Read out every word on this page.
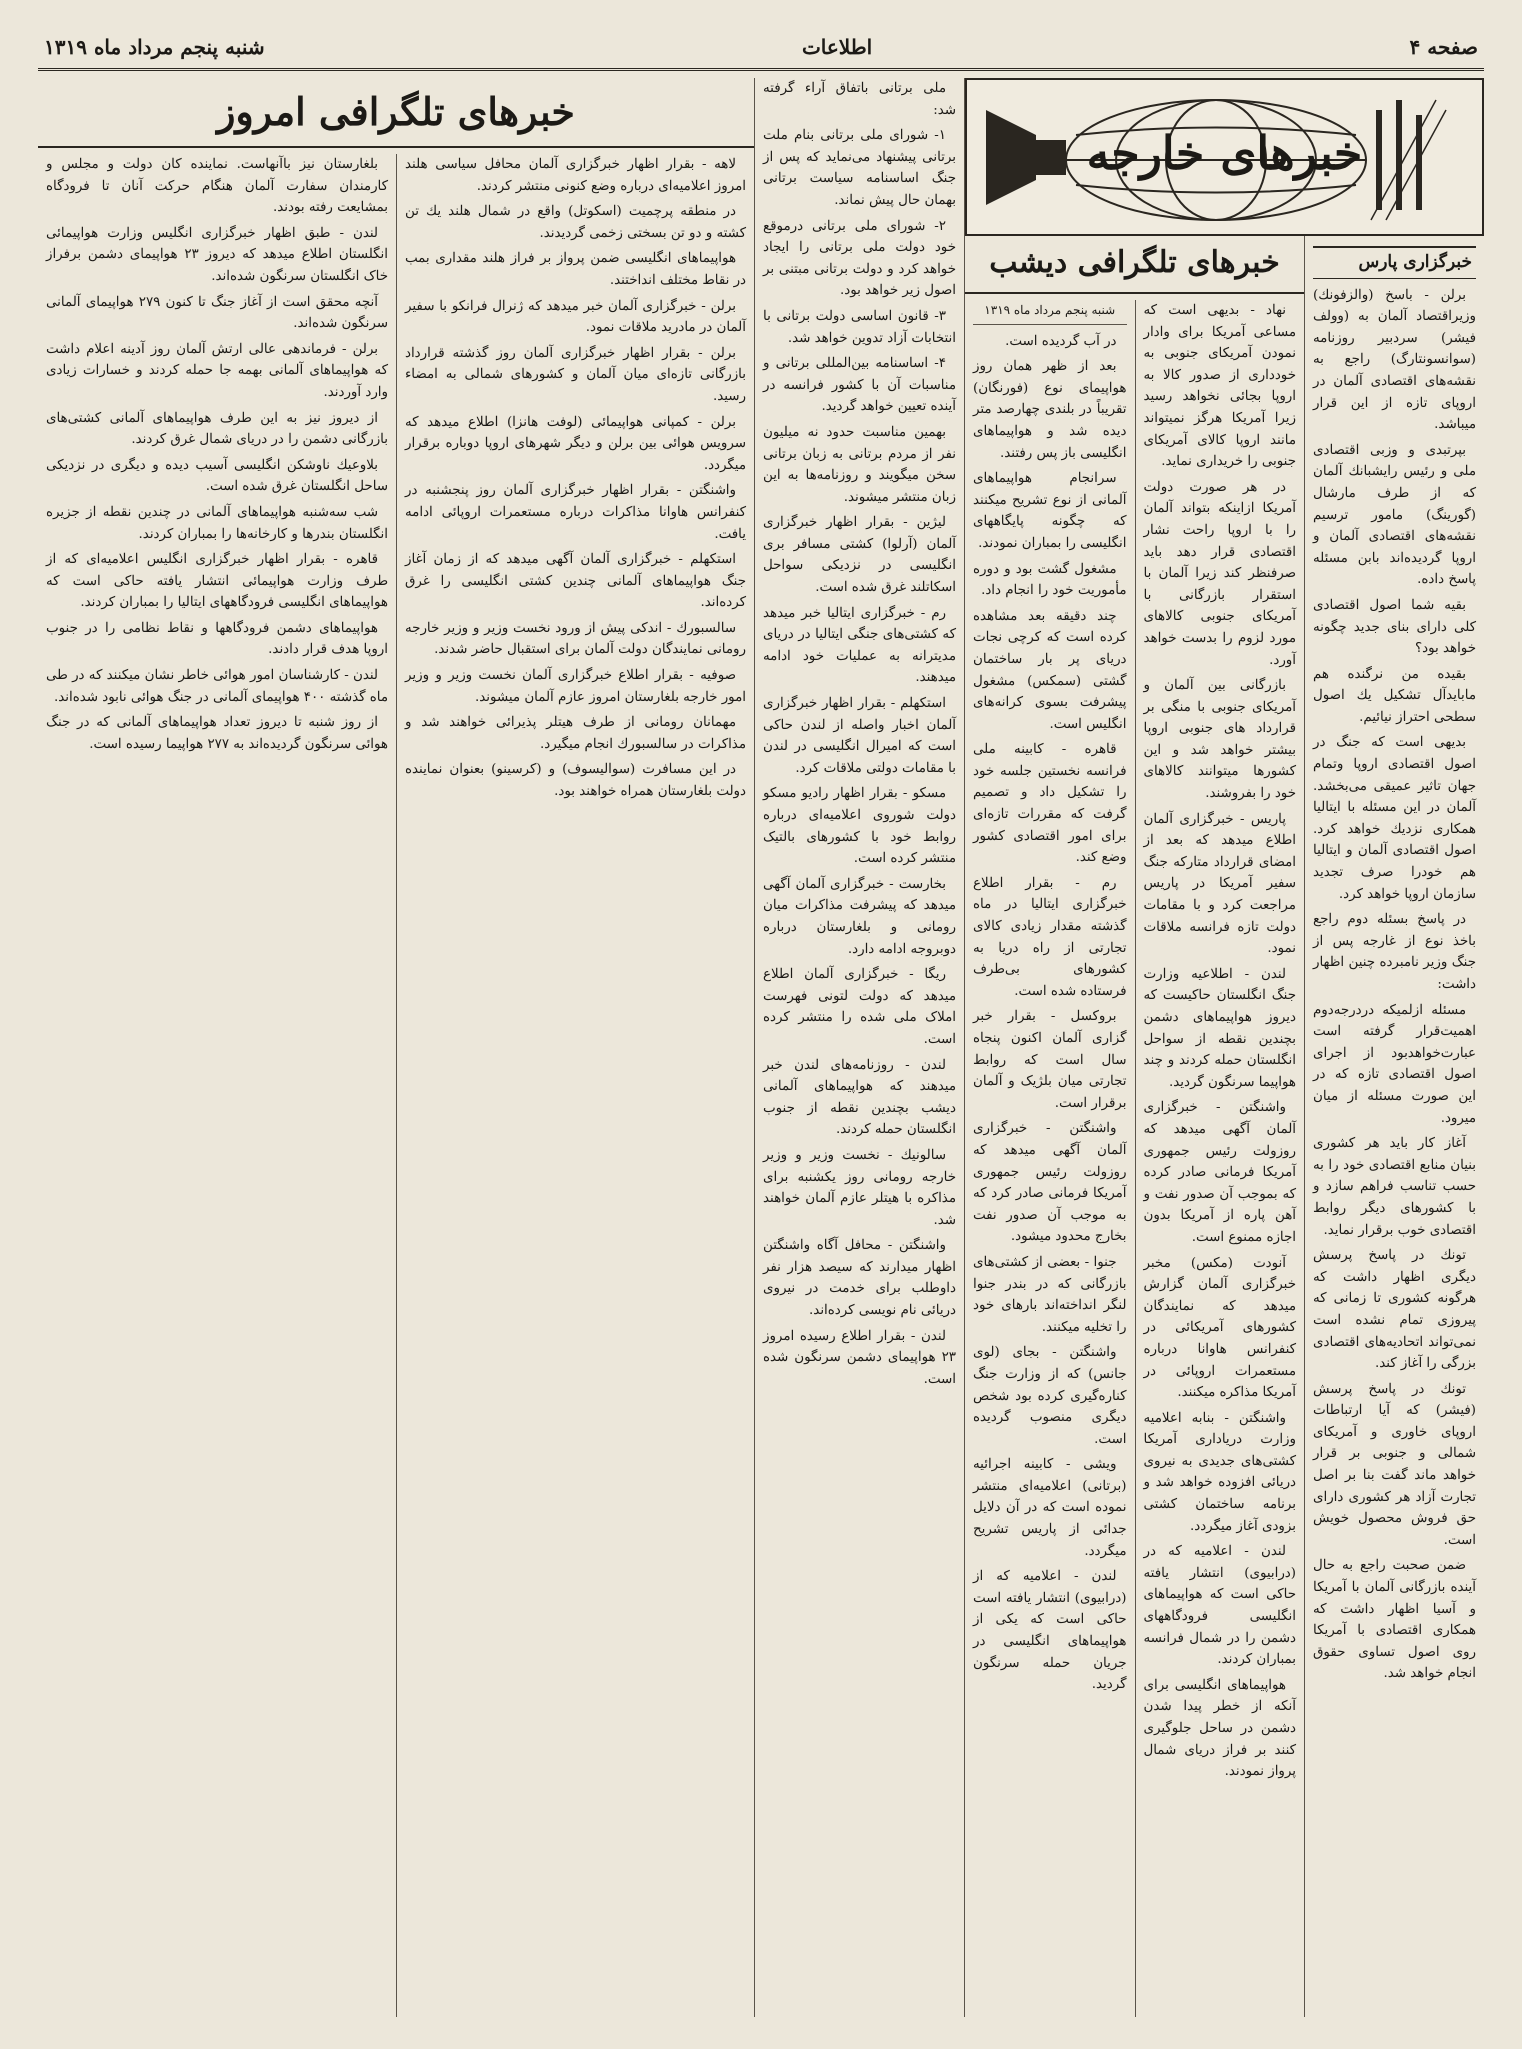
صفحه ۴
اطلاعات
شنبه پنجم مرداد ماه ۱۳۱۹
خبرهای خارجه
خبرگزاری پارس

برلن - باسخ (والزفونك) وزیراقتصاد آلمان به (وولف فیشر) سردبیر روزنامه (سوانسونتارگ) راجع به نقشه‌های اقتصادی آلمان در اروپای تازه از این قرار میباشد.

بپرتبدی و وزبی اقتصادی ملی و رئیس رایشبانك آلمان که از طرف مارشال (گورینگ) مامور ترسیم نقشه‌های اقتصادی آلمان و اروپا گردیده‌اند بابن مسئله پاسخ داده.

بقیه شما اصول اقتصادی کلی دارای بنای جدید چگونه خواهد بود؟

بقیده من نرگنده هم مابایدآل تشکیل یك اصول سطحی احتراز نیائیم.

بدیهی است که جنگ در اصول اقتصادی اروپا وتمام جهان تاثیر عمیقی می‌بخشد. آلمان در این مسئله با ایتالیا همکاری نزدیك خواهد کرد. اصول اقتصادی آلمان و ایتالیا هم خودرا صرف تجدید سازمان اروپا خواهد کرد.

در پاسخ بسئله دوم راجع باخذ نوع از غارجه پس از جنگ وزیر نامبرده چنین اظهار داشت:

مسئله ازلمیکه دردرجه‌دوم اهمیت‌قرار گرفته است عبارت‌خواهدبود از اجرای اصول اقتصادی تازه که در این صورت مسئله از میان میرود.

آغاز کار باید هر کشوری بنیان منابع اقتصادی خود را به حسب تناسب فراهم سازد و با کشورهای دیگر روابط اقتصادی خوب برقرار نماید.

تونك در پاسخ پرسش دیگری اظهار داشت که هرگونه کشوری تا زمانی که پیروزی تمام نشده است نمی‌تواند اتحادیه‌های اقتصادی بزرگی را آغاز کند.

تونك در پاسخ پرسش (فیشر) که آیا ارتباطات اروپای خاوری و آمریکای شمالی و جنوبی بر قرار خواهد ماند گفت بنا بر اصل تجارت آزاد هر کشوری دارای حق فروش محصول خویش است.

ضمن صحبت راجع‌ به حال آینده بازرگانی آلمان با آمریکا و آسیا اظهار داشت که همکاری اقتصادی با آمریکا روی اصول تساوی حقوق انجام خواهد شد.

خبرهای تلگرافی دیشب

نهاد - بدیهی است که مساعی آمریکا برای وادار نمودن آمریکای جنوبی به خودداری از صدور کالا به اروپا بجائی نخواهد رسید زیرا آمریکا هرگز نمیتواند مانند اروپا کالای آمریکای جنوبی را خریداری نماید.

در هر صورت دولت آمریکا ازاینکه بتواند آلمان را با اروپا راحت نشار اقتصادی قرار دهد باید صرفنظر کند زیرا آلمان با استقرار بازرگانی با آمریکای جنوبی کالاهای مورد لزوم را بدست خواهد آورد.

بازرگانی بین آلمان و آمریکای جنوبی با منگی بر قرارداد های جنوبی اروپا بیشتر خواهد شد و این کشورها میتوانند کالاهای خود را بفروشند.

پاریس - خبرگزاری آلمان اطلاع میدهد که بعد از امضای قرارداد متارکه جنگ سفیر آمریکا در پاریس مراجعت کرد و با مقامات دولت تازه فرانسه ملاقات نمود.

لندن - اطلاعیه وزارت جنگ انگلستان حاکیست که دیروز هواپیماهای دشمن بچندین نقطه از سواحل انگلستان حمله کردند و چند هواپیما سرنگون گردید.

واشنگتن - خبرگزاری آلمان آگهی میدهد که روزولت رئیس جمهوری آمریکا فرمانی صادر کرده که بموجب آن صدور نفت و آهن پاره از آمریکا بدون اجازه ممنوع است.

آنودت (مکس) مخبر خبرگزاری آلمان گزارش میدهد که نمایندگان کشورهای آمریکائی در کنفرانس هاوانا درباره مستعمرات اروپائی در آمریکا مذاکره میکنند.

واشنگتن - بنابه اعلامیه وزارت دریاداری آمریکا کشتی‌های جدیدی به نیروی دریائی افزوده خواهد شد و برنامه ساختمان کشتی بزودی آغاز میگردد.

لندن - اعلامیه که در (درابیوی) انتشار یافته حاکی است که هواپیماهای انگلیسی فرودگاههای دشمن را در شمال فرانسه بمباران کردند.

هواپیماهای انگلیسی برای آنکه از خطر پیدا شدن دشمن در ساحل جلوگیری کنند بر فراز دریای شمال پرواز نمودند.

شنبه پنجم مرداد ماه ۱۳۱۹

در آب گردیده است.

بعد از ظهر همان روز هواپیمای نوع (فورنگان) تقریباً در بلندی چهارصد متر دیده شد و هواپیماهای انگلیسی باز پس رفتند.

سرانجام هواپیماهای آلمانی از نوع تشریح میکنند که چگونه پایگاههای انگلیسی را بمباران نمودند.

مشغول گشت بود و دوره مأموریت خود را انجام داد.

چند دقیقه بعد مشاهده کرده است که کرچی نجات دریای پر بار ساختمان گشتی (سمکس) مشغول پیشرفت بسوی کرانه‌های انگلیس است.

قاهره - کابینه ملی فرانسه نخستین جلسه خود را تشکیل داد و تصمیم گرفت که مقررات تازه‌ای برای امور اقتصادی کشور وضع کند.

رم - بقرار اطلاع خبرگزاری ایتالیا در ماه گذشته مقدار زیادی کالای تجارتی از راه دریا به کشورهای بی‌طرف فرستاده شده است.

بروکسل - بقرار خبر گزاری آلمان اکنون پنجاه سال است که روابط تجارتی میان بلژیک و آلمان برقرار است.

واشنگتن - خبرگزاری آلمان آگهی میدهد که روزولت رئیس جمهوری آمریکا فرمانی صادر کرد که به موجب آن صدور نفت بخارج محدود میشود.

جنوا - بعضی از کشتی‌های بازرگانی که در بندر جنوا لنگر انداخته‌اند بارهای خود را تخلیه میکنند.

واشنگتن - بجای (لوی جانس) که از وزارت جنگ کناره‌گیری کرده بود شخص دیگری منصوب گردیده است.

ویشی - کابینه اجرائیه (برتانی) اعلامیه‌ای منتشر نموده است که در آن دلایل جدائی از پاریس تشریح میگردد.

لندن - اعلامیه که از (درابیوی) انتشار یافته است حاکی است که یکی از هواپیماهای انگلیسی در جریان حمله سرنگون گردید.

ملی برتانی باتفاق آراء گرفته شد:

۱- شورای ملی برتانی بنام ملت برتانی پیشنهاد می‌نماید که پس از جنگ اساسنامه سیاست برتانی بهمان حال پیش نماند.

۲- شورای ملی برتانی درموقع خود دولت ملی برتانی را ایجاد خواهد کرد و دولت برتانی مبتنی بر اصول زیر خواهد بود.

۳- قانون اساسی دولت برتانی با انتخابات آزاد تدوین خواهد شد.

۴- اساسنامه بین‌المللی برتانی و مناسبات آن با کشور فرانسه در آینده تعیین خواهد گردید.

بهمین مناسبت حدود نه میلیون نفر از مردم برتانی به زبان برتانی سخن میگویند و روزنامه‌ها به این زبان منتشر میشوند.

لیژین - بقرار اظهار خبرگزاری آلمان (آرلوا) کشتی مسافر بری انگلیسی در نزدیکی سواحل اسکاتلند غرق شده است.

رم - خبرگزاری ایتالیا خبر میدهد که کشتی‌های جنگی ایتالیا در دریای مدیترانه به عملیات خود ادامه میدهند.

استکهلم - بقرار اظهار خبرگزاری آلمان اخبار واصله از لندن حاکی است که امیرال انگلیسی در لندن با مقامات دولتی ملاقات کرد.

مسکو - بقرار اظهار رادیو مسکو دولت شوروی اعلامیه‌ای درباره روابط خود با کشورهای بالتیک منتشر کرده است.

بخارست - خبرگزاری آلمان آگهی میدهد که پیشرفت مذاکرات میان رومانی و بلغارستان درباره دوبروجه ادامه دارد.

ریگا - خبرگزاری آلمان اطلاع میدهد که دولت لتونی فهرست املاک ملی شده را منتشر کرده است.

لندن - روزنامه‌های لندن خبر میدهند که هواپیماهای آلمانی دیشب بچندین نقطه از جنوب انگلستان حمله کردند.

سالونیك - نخست وزیر و وزیر خارجه رومانی روز یکشنبه برای مذاکره با هیتلر عازم آلمان خواهند شد.

واشنگتن - محافل آگاه واشنگتن اظهار میدارند که سیصد هزار نفر داوطلب برای خدمت در نیروی دریائی نام نویسی کرده‌اند.

لندن - بقرار اطلاع رسیده امروز ۲۳ هواپیمای دشمن سرنگون شده است.

خبرهای تلگرافی امروز

لاهه - بقرار اظهار خبرگزاری آلمان محافل سیاسی هلند امروز اعلامیه‌ای درباره وضع کنونی منتشر کردند.

در منطقه پرچمیت (اسکوتل) واقع در شمال هلند یك تن کشته و دو تن بسختی زخمی گردیدند.

هواپیماهای انگلیسی ضمن پرواز بر فراز هلند مقداری بمب در نقاط مختلف انداختند.

برلن - خبرگزاری آلمان خبر میدهد که ژنرال فرانکو با سفیر آلمان در مادرید ملاقات نمود.

برلن - بقرار اظهار خبرگزاری آلمان روز گذشته قرارداد بازرگانی تازه‌ای میان آلمان و کشورهای شمالی به امضاء رسید.

برلن - کمپانی هواپیمائی (لوفت هانزا) اطلاع میدهد که سرویس هوائی بین برلن و دیگر شهرهای اروپا دوباره برقرار میگردد.

واشنگتن - بقرار اظهار خبرگزاری آلمان روز پنجشنبه در کنفرانس هاوانا مذاکرات درباره مستعمرات اروپائی ادامه یافت.

استکهلم - خبرگزاری آلمان آگهی میدهد که از زمان آغاز جنگ هواپیماهای آلمانی چندین کشتی انگلیسی را غرق کرده‌اند.

سالسبورك - اندکی پیش از ورود نخست وزیر و وزیر خارجه رومانی نمایندگان دولت آلمان برای استقبال حاضر شدند.

صوفیه - بقرار اطلاع خبرگزاری آلمان نخست وزیر و وزیر امور خارجه بلغارستان امروز عازم آلمان میشوند.

مهمانان رومانی از طرف هیتلر پذیرائی خواهند شد و مذاکرات در سالسبورك انجام میگیرد.

در این مسافرت (سوالیسوف) و (کرسینو) بعنوان نماینده دولت بلغارستان همراه خواهند بود.

بلغارستان نیز باآنهاست. نماینده کان دولت و مجلس و کارمندان سفارت آلمان هنگام حرکت آنان تا فرودگاه بمشایعت رفته بودند.

لندن - طبق اظهار خبرگزاری انگلیس وزارت هواپیمائی انگلستان اطلاع میدهد که دیروز ۲۳ هواپیمای دشمن برفراز خاک انگلستان سرنگون شده‌اند.

آنچه محقق است از آغاز جنگ تا کنون ۲۷۹ هواپیمای آلمانی سرنگون شده‌اند.

برلن - فرماندهی عالی ارتش آلمان روز آدینه اعلام داشت که هواپیماهای آلمانی بهمه جا حمله کردند و خسارات زیادی وارد آوردند.

از دیروز نیز به این طرف هواپیماهای آلمانی کشتی‌های بازرگانی دشمن را در دریای شمال غرق کردند.

بلاوعیك ناوشکن انگلیسی آسیب دیده و دیگری در نزدیکی ساحل انگلستان غرق شده است.

شب سه‌شنبه هواپیماهای آلمانی در چندین نقطه از جزیره انگلستان بندرها و کارخانه‌ها را بمباران کردند.

قاهره - بقرار اظهار خبرگزاری انگلیس اعلامیه‌ای که از طرف وزارت هواپیمائی انتشار یافته حاکی است که هواپیماهای انگلیسی فرودگاههای ایتالیا را بمباران کردند.

هواپیماهای دشمن فرودگاهها و نقاط نظامی را در جنوب اروپا هدف قرار دادند.

لندن - کارشناسان امور هوائی خاطر نشان میکنند که در طی ماه گذشته ۴۰۰ هواپیمای آلمانی در جنگ هوائی نابود شده‌اند.

از روز شنبه تا دیروز تعداد هواپیماهای آلمانی که در جنگ هوائی سرنگون گردیده‌اند به ۲۷۷ هواپیما رسیده است.
